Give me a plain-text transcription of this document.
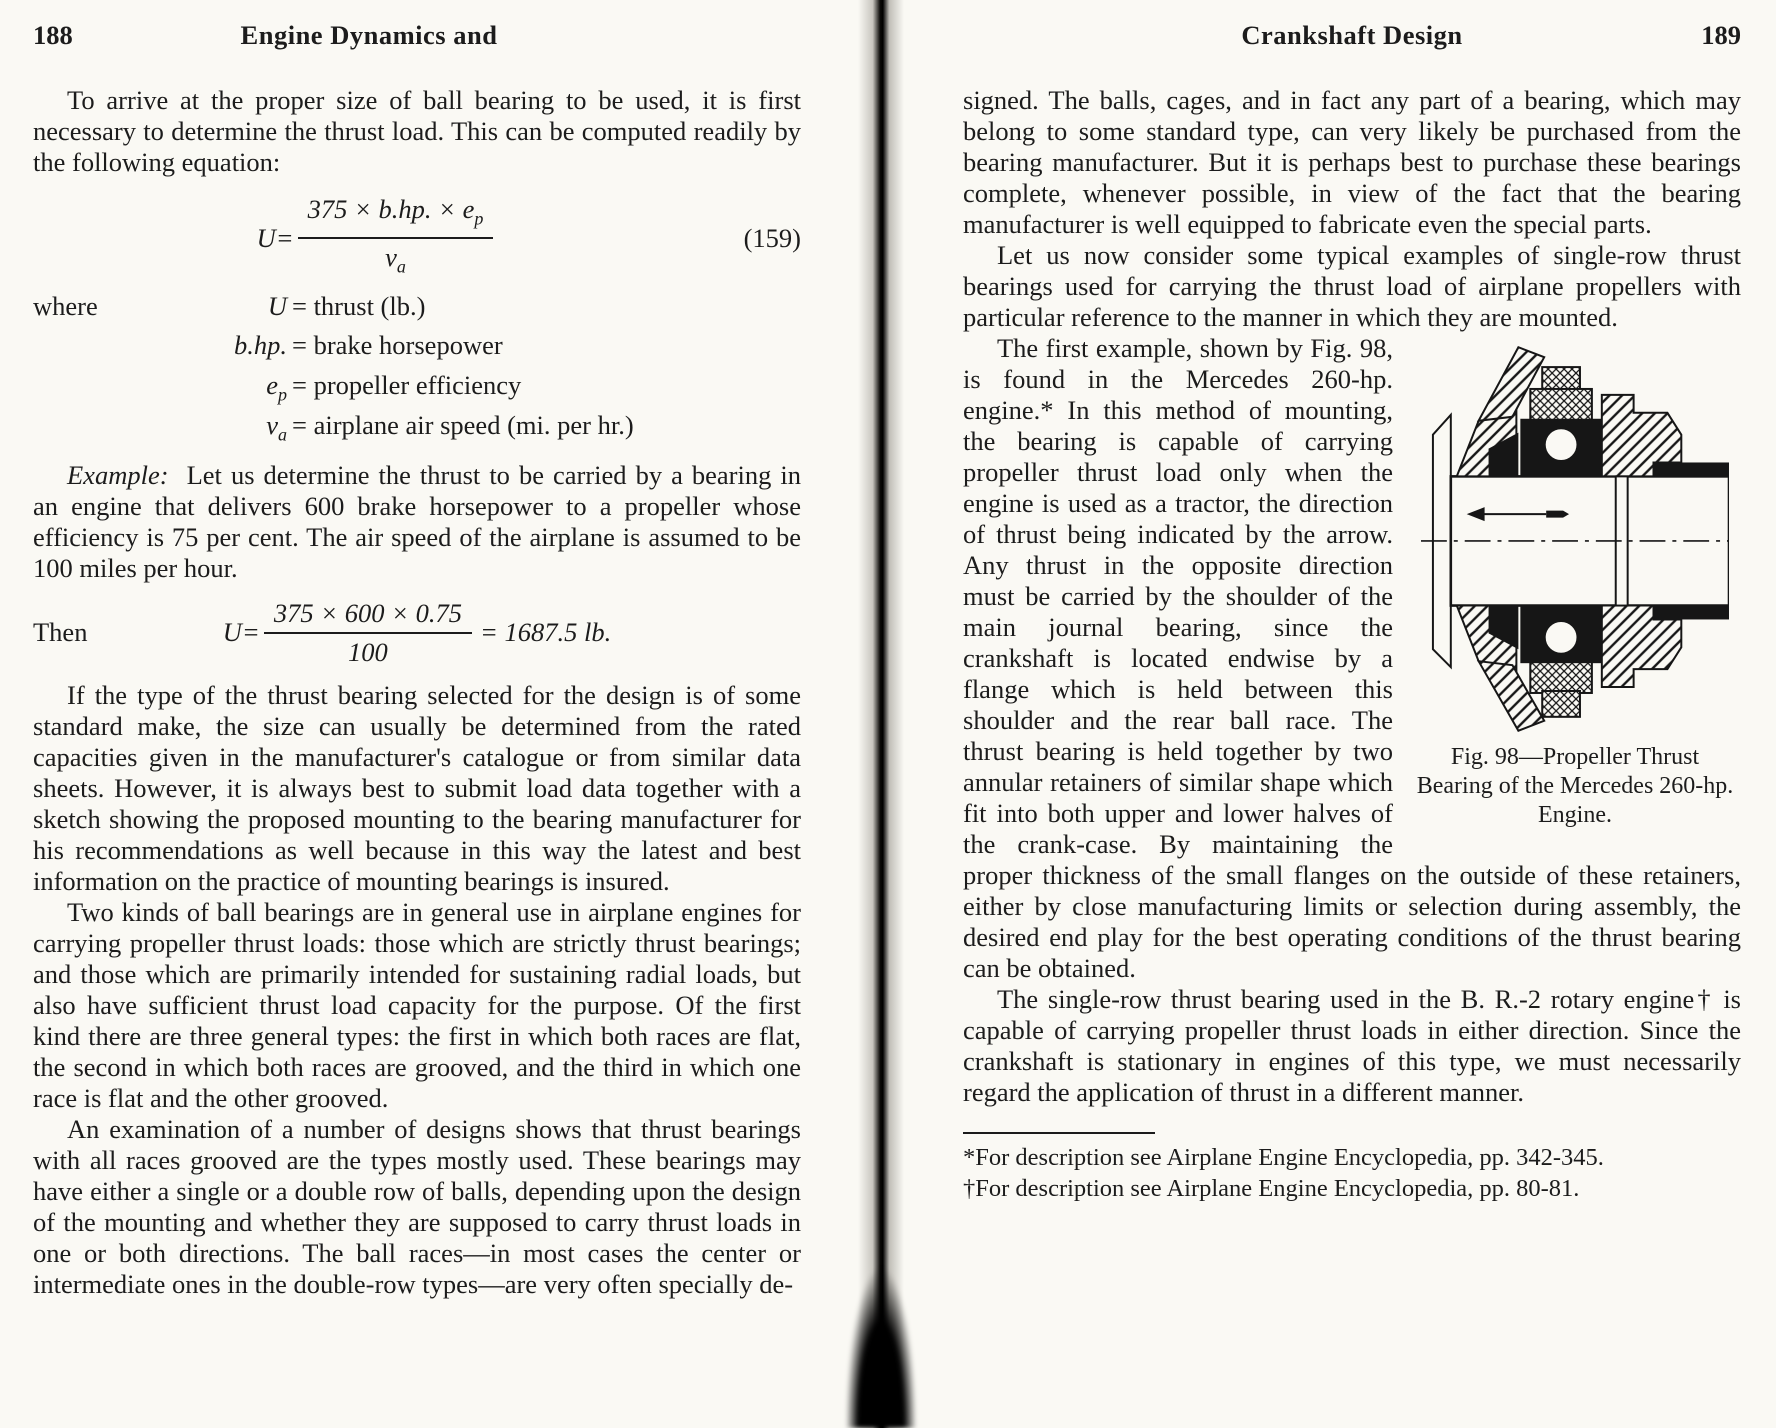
188	Engine Dynamics and

To arrive at the proper size of ball bearing to be used, it is first necessary to determine the thrust load. This can be computed readily by the following equation:

$U= \frac{375 \times b.hp. \times e_p}{v_a}$	(159)
where	U = thrust (lb.)
b.hp. = brake horsepower
$e_p$ = propeller efficiency
$v_a$ = airplane air speed (mi. per hr.)

Example: Let us determine the thrust to be carried by a bearing in an engine that delivers 600 brake horsepower to a propeller whose efficiency is 75 per cent. The air speed of the airplane is assumed to be 100 miles per hour.

Then	$U= \frac{375 \times 600 \times 0.75}{100} = 1687.5$ lb.

If the type of the thrust bearing selected for the design is of some standard make, the size can usually be determined from the rated capacities given in the manufacturer's catalogue or from similar data sheets. However, it is always best to submit load data together with a sketch showing the proposed mounting to the bearing manufacturer for his recommendations as well because in this way the latest and best information on the practice of mounting bearings is insured.

Two kinds of ball bearings are in general use in airplane engines for carrying propeller thrust loads: those which are strictly thrust bearings; and those which are primarily intended for sustaining radial loads, but also have sufficient thrust load capacity for the purpose. Of the first kind there are three general types: the first in which both races are flat, the second in which both races are grooved, and the third in which one race is flat and the other grooved.

An examination of a number of designs shows that thrust bearings with all races grooved are the types mostly used. These bearings may have either a single or a double row of balls, depending upon the design of the mounting and whether they are supposed to carry thrust loads in one or both directions. The ball races—in most cases the center or intermediate ones in the double-row types—are very often specially de-

Crankshaft Design	189

signed. The balls, cages, and in fact any part of a bearing, which may belong to some standard type, can very likely be purchased from the bearing manufacturer. But it is perhaps best to purchase these bearings complete, whenever possible, in view of the fact that the bearing manufacturer is well equipped to fabricate even the special parts.

Let us now consider some typical examples of single-row thrust bearings used for carrying the thrust load of airplane propellers with particular reference to the manner in which they are mounted.

Fig. 98—Propeller Thrust Bearing of the Mercedes 260-hp. Engine.
The first example, shown by Fig. 98, is found in the Mercedes 260-hp. engine.* In this method of mounting, the bearing is capable of carrying propeller thrust load only when the engine is used as a tractor, the direction of thrust being indicated by the arrow. Any thrust in the opposite direction must be carried by the shoulder of the main journal bearing, since the crankshaft is located endwise by a flange which is held between this shoulder and the rear ball race. The thrust bearing is held together by two annular retainers of similar shape which fit into both upper and lower halves of the crank-case. By maintaining the proper thickness of the small flanges on the outside of these retainers, either by close manufacturing limits or selection during assembly, the desired end play for the best operating conditions of the thrust bearing can be obtained.

The single-row thrust bearing used in the B. R.-2 rotary engine† is capable of carrying propeller thrust loads in either direction. Since the crankshaft is stationary in engines of this type, we must necessarily regard the application of thrust in a different manner.

*For description see Airplane Engine Encyclopedia, pp. 342-345.

†For description see Airplane Engine Encyclopedia, pp. 80-81.
